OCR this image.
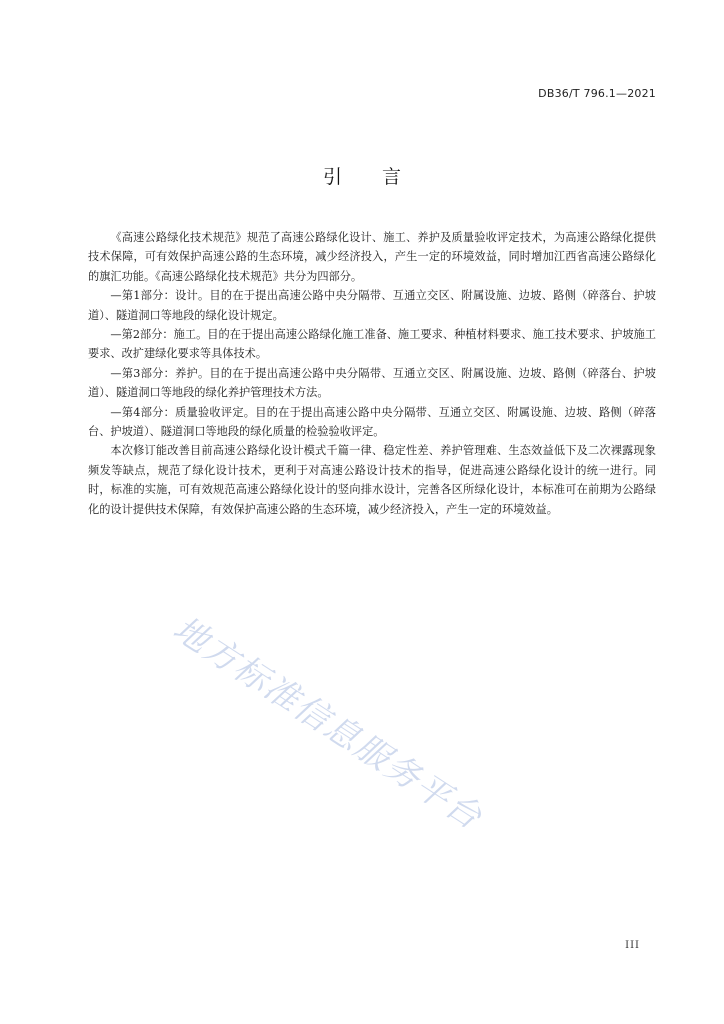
DB36/T 796.1—2021
引言

《高速公路绿化技术规范》规范了高速公路绿化设计、施工、养护及质量验收评定技术，为高速公路绿化提供技术保障，可有效保护高速公路的生态环境，减少经济投入，产生一定的环境效益，同时增加江西省高速公路绿化的旗汇功能。《高速公路绿化技术规范》共分为四部分。

—第1部分：设计。目的在于提出高速公路中央分隔带、互通立交区、附属设施、边坡、路侧（碎落台、护坡道）、隧道洞口等地段的绿化设计规定。

—第2部分：施工。目的在于提出高速公路绿化施工准备、施工要求、种植材料要求、施工技术要求、护坡施工要求、改扩建绿化要求等具体技术。

—第3部分：养护。目的在于提出高速公路中央分隔带、互通立交区、附属设施、边坡、路侧（碎落台、护坡道）、隧道洞口等地段的绿化养护管理技术方法。

—第4部分：质量验收评定。目的在于提出高速公路中央分隔带、互通立交区、附属设施、边坡、路侧（碎落台、护坡道）、隧道洞口等地段的绿化质量的检验验收评定。

本次修订能改善目前高速公路绿化设计模式千篇一律、稳定性差、养护管理难、生态效益低下及二次裸露现象频发等缺点，规范了绿化设计技术，更利于对高速公路设计技术的指导，促进高速公路绿化设计的统一进行。同时，标准的实施，可有效规范高速公路绿化设计的竖向排水设计，完善各区所绿化设计，本标准可在前期为公路绿化的设计提供技术保障，有效保护高速公路的生态环境，减少经济投入，产生一定的环境效益。

地方标准信息服务平台
III
